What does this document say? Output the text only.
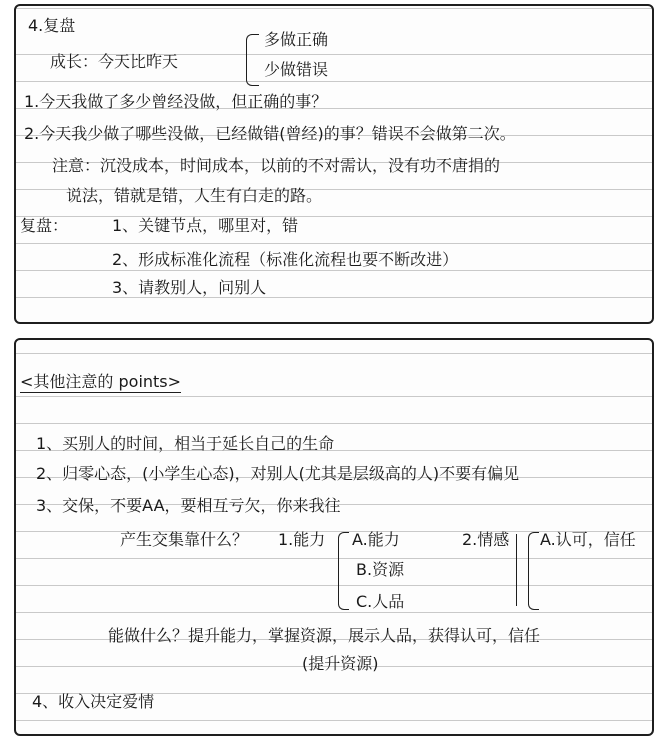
4.复盘
成长：今天比昨天
多做正确
少做错误
1.今天我做了多少曾经没做，但正确的事？
2.今天我少做了哪些没做，已经做错(曾经)的事？错误不会做第二次。
注意：沉没成本，时间成本，以前的不对需认，没有功不唐捐的
说法，错就是错，人生有白走的路。
复盘：	1、关键节点，哪里对，错
2、形成标准化流程（标准化流程也要不断改进）
3、请教别人，问别人
<其他注意的 points>
1、买别人的时间，相当于延长自己的生命
2、归零心态，(小学生心态)，对别人(尤其是层级高的人)不要有偏见
3、交保，不要AA，要相互亏欠，你来我往
产生交集靠什么？ 1.能力 A.能力
B.资源
C.人品
2.情感 A.认可，信任
能做什么？提升能力，掌握资源，展示人品，获得认可，信任
(提升资源)
4、收入决定爱情
